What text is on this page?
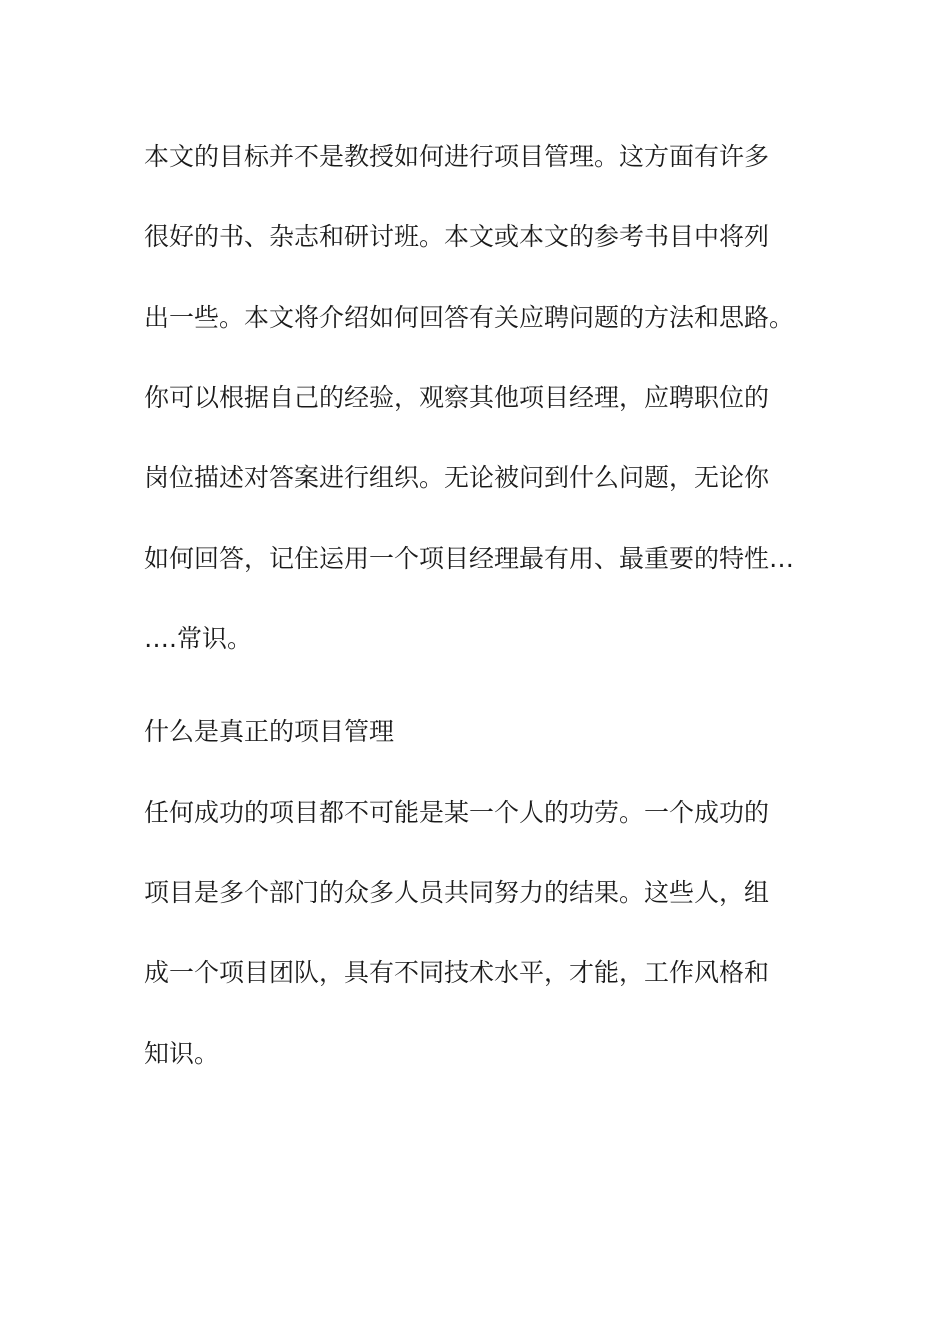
本文的目标并不是教授如何进行项目管理。这方面有许多
很好的书、杂志和研讨班。本文或本文的参考书目中将列
出一些。本文将介绍如何回答有关应聘问题的方法和思路。
你可以根据自己的经验，观察其他项目经理，应聘职位的
岗位描述对答案进行组织。无论被问到什么问题，无论你
如何回答，记住运用一个项目经理最有用、最重要的特性…
….常识。
什么是真正的项目管理
任何成功的项目都不可能是某一个人的功劳。一个成功的
项目是多个部门的众多人员共同努力的结果。这些人，组
成一个项目团队，具有不同技术水平，才能，工作风格和
知识。
